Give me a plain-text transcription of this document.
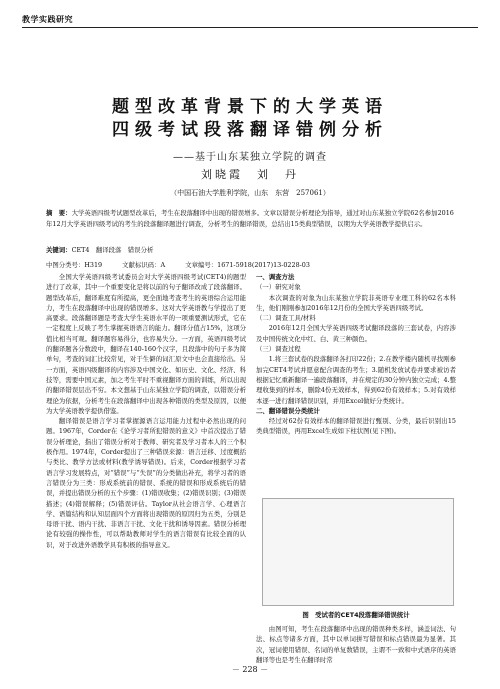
教学实践研究
题型改革背景下的大学英语
四级考试段落翻译错例分析
——基于山东某独立学院的调查
刘晓霞　刘　丹
（中国石油大学胜利学院，山东　东营　257061）
摘　要：大学英语四级考试题型改革后，考生在段落翻译中出现的错误增多。文章以错误分析理论为指导，通过对山东某独立学院62名参加2016年12月大学英语四级考试的考生的段落翻译题进行调查，分析考生的翻译错误，总结出15类典型错误，以期为大学英语教学提供启示。
关键词：CET4　翻译段落　错误分析
中图分类号：H319	文献标识码：A	文章编号：1671-5918(2017)13-0228-03

全国大学英语四级考试委员会对大学英语四级考试(CET4)的题型进行了改革，其中一个重要变化是将以前的句子翻译改成了段落翻译。题型改革后，翻译难度有所提高，更全面地考查考生的英语综合运用能力，考生在段落翻译中出现的错误增多。这对大学英语教与学提出了更高要求。段落翻译题是考查大学生英语水平的一项重要测试形式，它在一定程度上反映了考生掌握英语语言的能力。翻译分值占15%，这项分值比相当可观。翻译题容易得分，也容易失分。一方面，英语四级考试的翻译题各分数段中，翻译在140-160个汉字，且段落中的句子多为简单句，考查的词汇比较常见，对于生僻的词汇原文中也会直接给出。另一方面，英语四级翻译的内容涉及中国文化、如历史、文化、经济、科技等，需要中国元素，加之考生平时不重视翻译方面的训练，所以出现的翻译错误层出不穷。本文想基于山东某独立学院的调查，以错误分析理论为依据，分析考生在段落翻译中出现各种错误的类型及原因，以便为大学英语教学提供借鉴。

翻译错误是语言学习者掌握源语言运用能力过程中必然出现的问题。1967年，Corder在《论学习者所犯错误的意义》中首次提出了错误分析理论，指出了错误分析对于教师、研究者及学习者本人的三个积极作用。1974年，Corder提出了三种错误来源：语言迁移、过度概括与类比、教学方法或材料(教学诱导错误)。后来，Corder根据学习者语言学习发展特点，对“错误”与“失误”的分类做出补充，将学习者的语言错误分为三类：形成系统前的错误、系统的错误和形成系统后的错误，并提出错误分析的五个步骤：(1)错误收集；(2)错误识别；(3)错误描述；(4)错误解释；(5)错误评估。Taylor从社会语言学、心理语言学、语篇结构和认知层面四个方面将出现错误的原因归为五类，分别是母语干扰、语内干扰、非语言干扰、文化干扰和诱导因素。错误分析理论有较强的操作性，可以帮助教师对学生的语言错误有比较全面的认识，对于改进外语教学具有积极的指导意义。

一、调查方法

（一）研究对象

本次调查的对象为山东某独立学院非英语专业理工科的62名本科生，他们刚刚参加2016年12月份的全国大学英语四级考试。

（二）调查工具/材料

2016年12月全国大学英语四级考试翻译段落的三套试卷，内容涉及中国传统文化中红、白、黄三种颜色。

（三）调查过程

1.将三套试卷的段落翻译各打印22份；2.在教学楼内随机寻找刚参加完CET4考试并愿意配合调查的考生；3.随机发放试卷并要求被访者根据记忆重新翻译一遍段落翻译，并在规定的30分钟内独立完成；4.整理收集到的样本，删除4份无效样本，得到62份有效样本；5.对有效样本逐一进行翻译错误识别，并用Excel做好分类统计。

二、翻译错误分类统计

经过对62份有效样本的翻译错误进行甄别、分类，最后识别出15类典型错误，再用Excel生成如下柱状图(见下图)。

图　受试者的CET4段落翻译错误统计

由图可知，考生在段落翻译中出现的错误种类多样，涵盖词法、句法、标点等诸多方面，其中以单词拼写错误和标点错误最为显著。其次，冠词使用错误、名词的单复数错误，主谓不一致和中式语序的英语翻译等也是考生在翻译时常

－ 228 －
